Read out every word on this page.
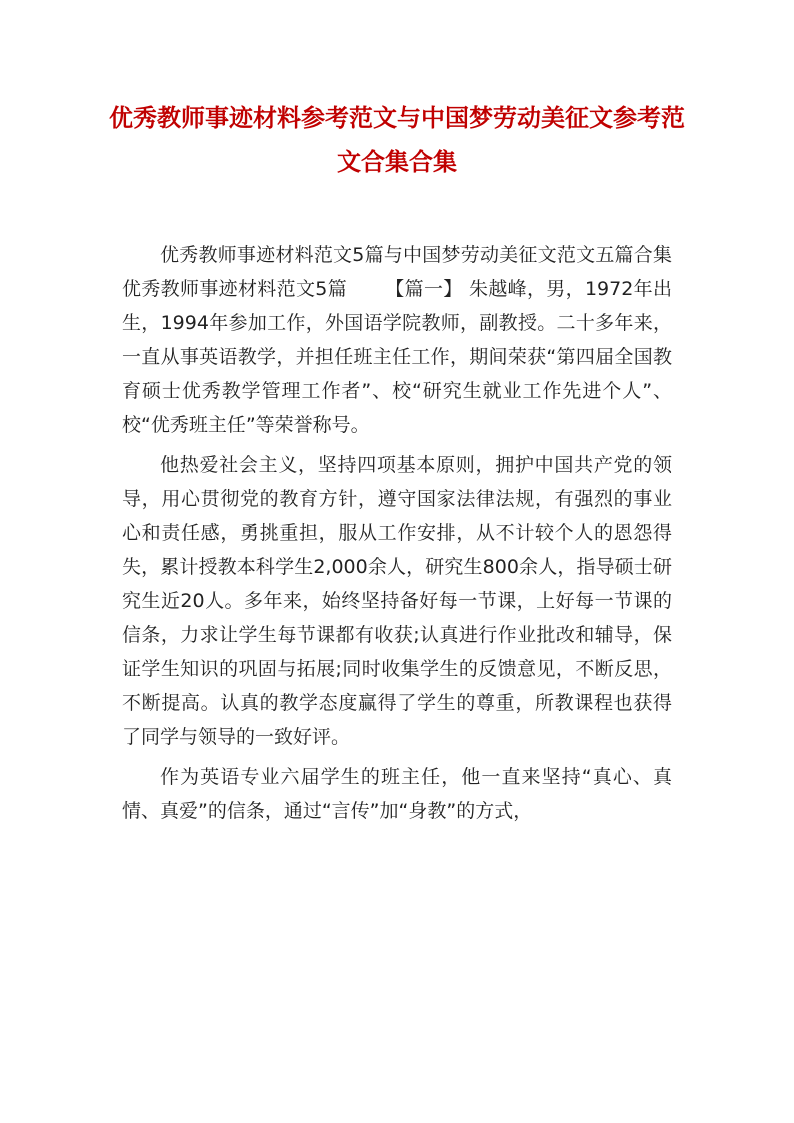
优秀教师事迹材料参考范文与中国梦劳动美征文参考范文合集合集

优秀教师事迹材料范文5篇与中国梦劳动美征文范文五篇合集      优秀教师事迹材料范文5篇 【篇一】 朱越峰，男，1972年出生，1994年参加工作，外国语学院教师，副教授。二十多年来，一直从事英语教学，并担任班主任工作，期间荣获“第四届全国教育硕士优秀教学管理工作者”、校“研究生就业工作先进个人”、校“优秀班主任”等荣誉称号。

他热爱社会主义，坚持四项基本原则，拥护中国共产党的领导，用心贯彻党的教育方针，遵守国家法律法规，有强烈的事业心和责任感，勇挑重担，服从工作安排，从不计较个人的恩怨得失，累计授教本科学生2,000余人，研究生800余人，指导硕士研究生近20人。多年来，始终坚持备好每一节课，上好每一节课的信条，力求让学生每节课都有收获;认真进行作业批改和辅导，保证学生知识的巩固与拓展;同时收集学生的反馈意见，不断反思，不断提高。认真的教学态度赢得了学生的尊重，所教课程也获得了同学与领导的一致好评。

作为英语专业六届学生的班主任，他一直来坚持“真心、真情、真爱”的信条，通过“言传”加“身教”的方式，
